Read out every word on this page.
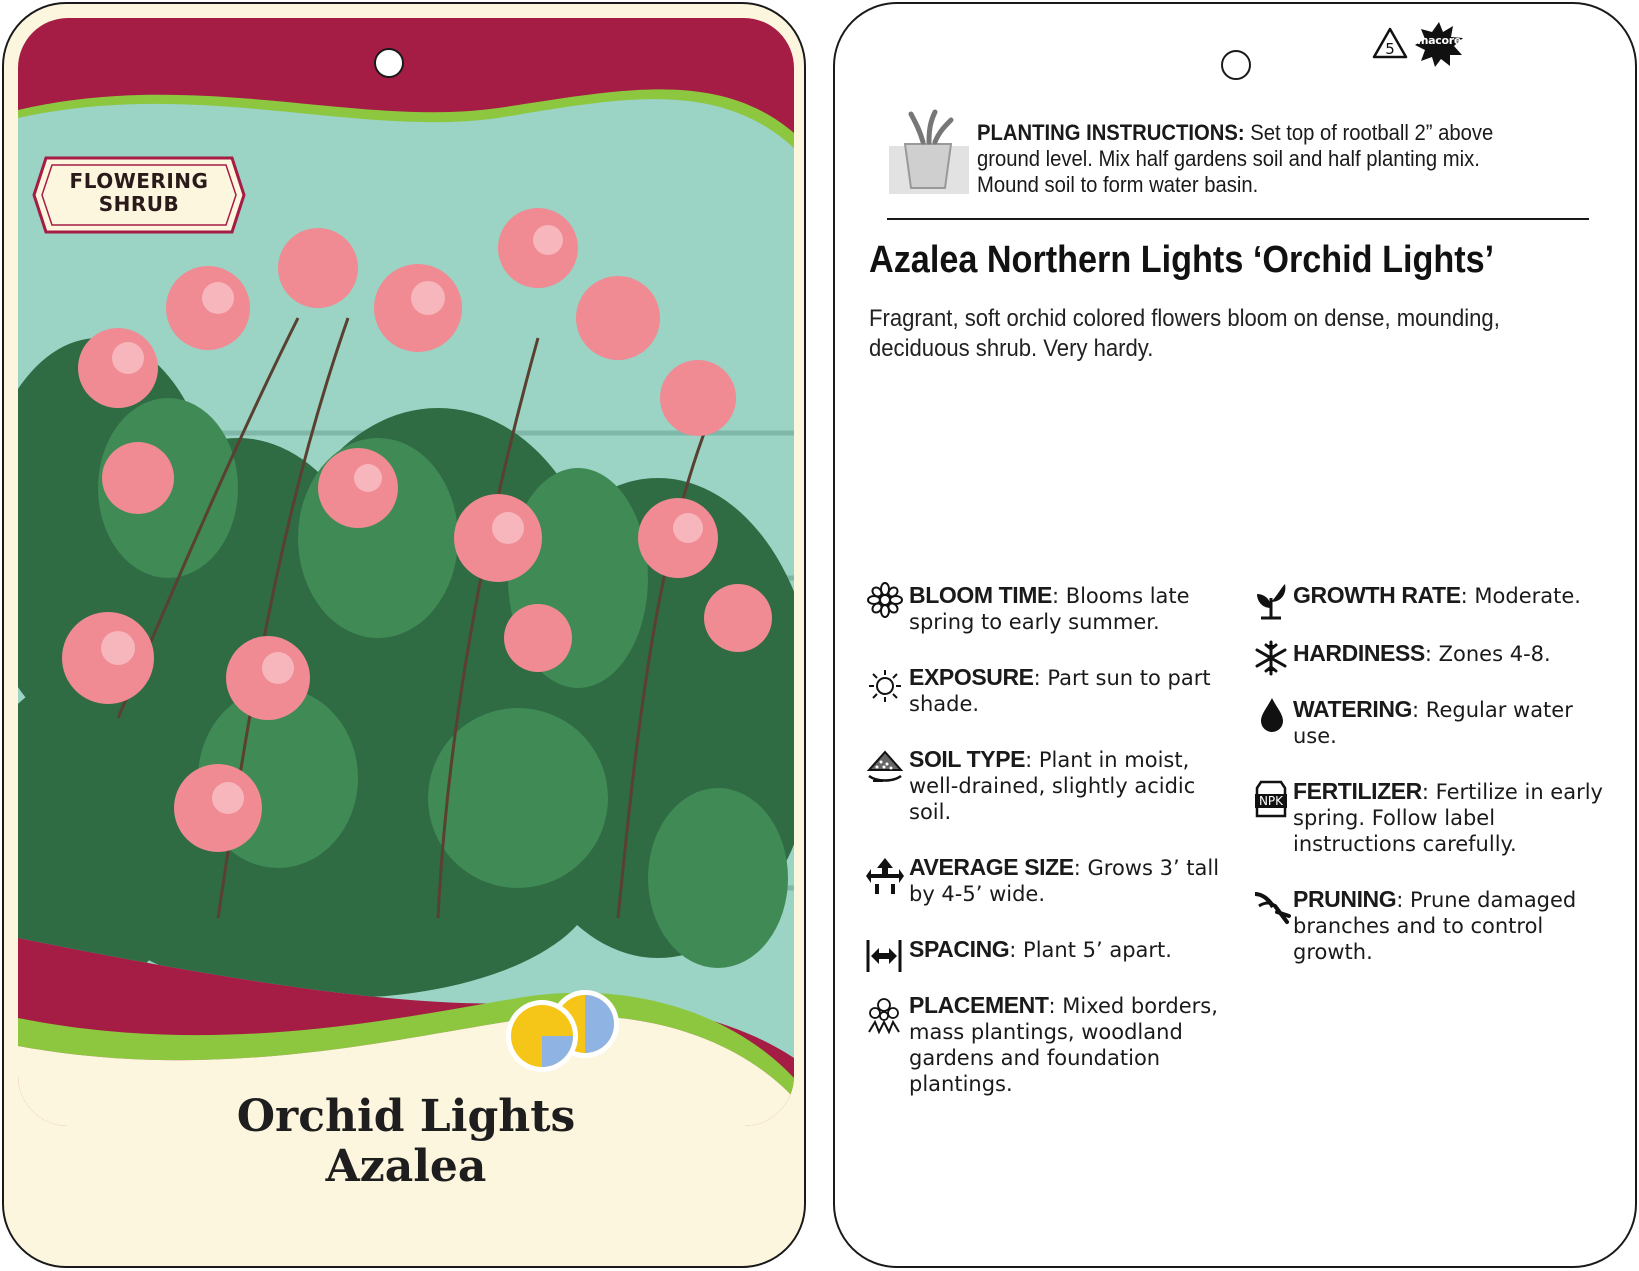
FLOWERING
SHRUB
Orchid Lights
Azalea
5	macore
PLANTING INSTRUCTIONS: Set top of rootball 2” above ground level. Mix half gardens soil and half planting mix. Mound soil to form water basin.
Azalea Northern Lights ‘Orchid Lights’
Fragrant, soft orchid colored flowers bloom on dense, mounding, deciduous shrub. Very hardy.
BLOOM TIME: Blooms late spring to early summer.
EXPOSURE: Part sun to part shade.
SOIL TYPE: Plant in moist, well-drained, slightly acidic soil.
AVERAGE SIZE: Grows 3’ tall by 4-5’ wide.
SPACING: Plant 5’ apart.
PLACEMENT: Mixed borders, mass plantings, woodland gardens and foundation plantings.
GROWTH RATE: Moderate.
HARDINESS: Zones 4-8.
WATERING: Regular water use.
NPK FERTILIZER: Fertilize in early spring. Follow label instructions carefully.
PRUNING: Prune damaged branches and to control growth.
